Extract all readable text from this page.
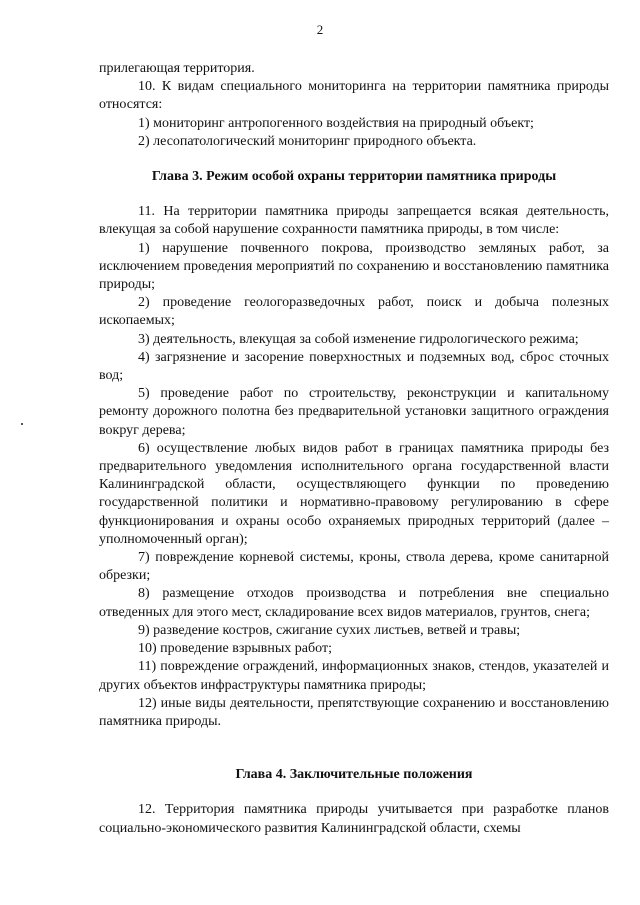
2

прилегающая территория.

10. К видам специального мониторинга на территории памятника природы относятся:

1) мониторинг антропогенного воздействия на природный объект;

2) лесопатологический мониторинг природного объекта.

Глава 3. Режим особой охраны территории памятника природы

11. На территории памятника природы запрещается всякая деятельность, влекущая за собой нарушение сохранности памятника природы, в том числе:

1) нарушение почвенного покрова, производство земляных работ, за исключением проведения мероприятий по сохранению и восстановлению памятника природы;

2) проведение геологоразведочных работ, поиск и добыча полезных ископаемых;

3) деятельность, влекущая за собой изменение гидрологического режима;

4) загрязнение и засорение поверхностных и подземных вод, сброс сточных вод;

5) проведение работ по строительству, реконструкции и капитальному ремонту дорожного полотна без предварительной установки защитного ограждения вокруг дерева;

6) осуществление любых видов работ в границах памятника природы без предварительного уведомления исполнительного органа государственной власти Калининградской области, осуществляющего функции по проведению государственной политики и нормативно-правовому регулированию в сфере функционирования и охраны особо охраняемых природных территорий (далее – уполномоченный орган);

7) повреждение корневой системы, кроны, ствола дерева, кроме санитарной обрезки;

8) размещение отходов производства и потребления вне специально отведенных для этого мест, складирование всех видов материалов, грунтов, снега;

9) разведение костров, сжигание сухих листьев, ветвей и травы;

10) проведение взрывных работ;

11) повреждение ограждений, информационных знаков, стендов, указателей и других объектов инфраструктуры памятника природы;

12) иные виды деятельности, препятствующие сохранению и восстановлению памятника природы.

Глава 4. Заключительные положения

12. Территория памятника природы учитывается при разработке планов социально-экономического развития Калининградской области, схемы
